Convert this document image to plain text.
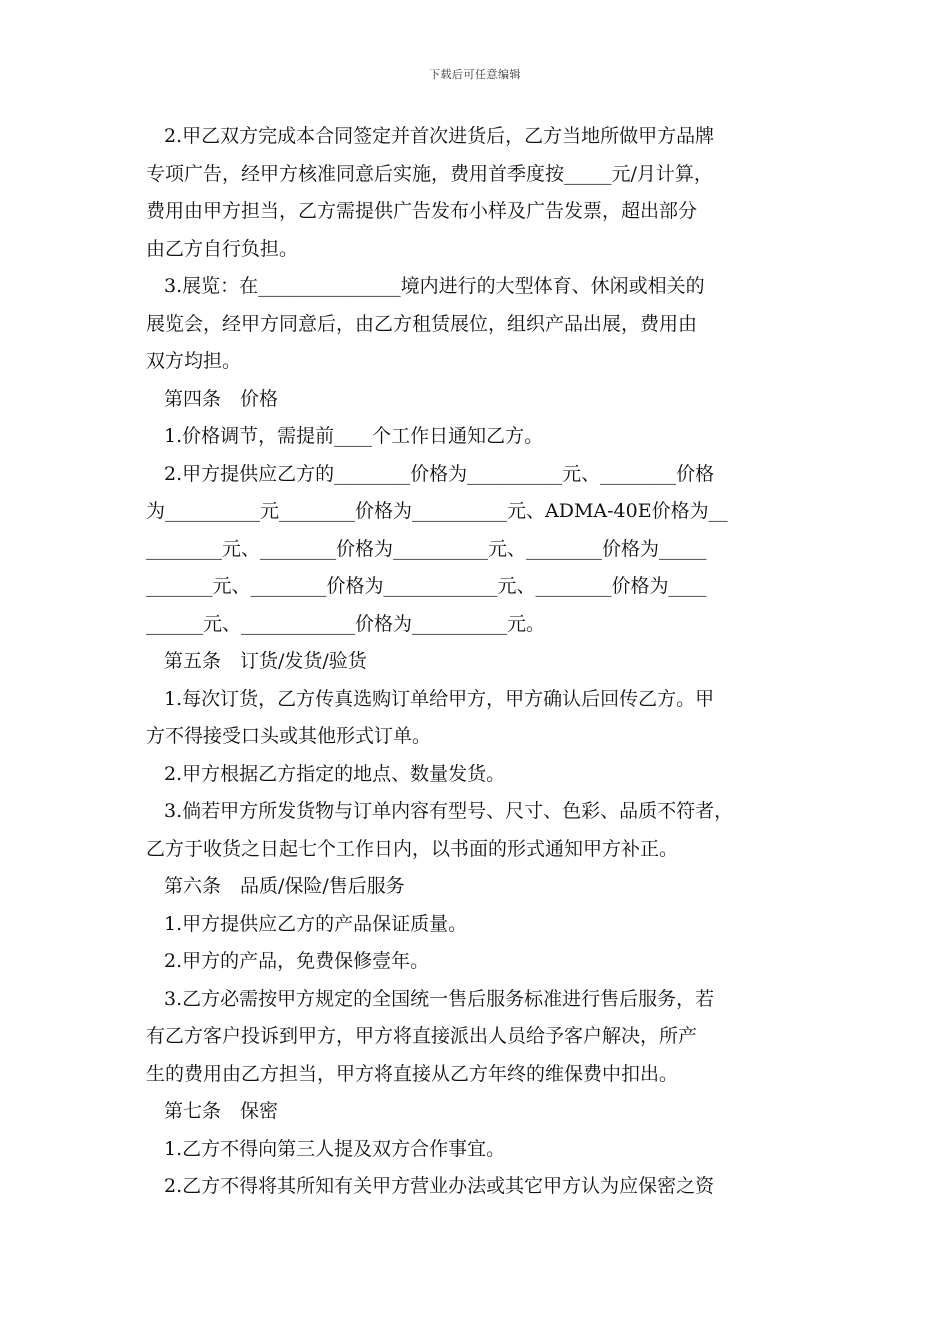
下载后可任意编辑
2.甲乙双方完成本合同签定并首次进货后，乙方当地所做甲方品牌
专项广告，经甲方核准同意后实施，费用首季度按_____元/月计算，
费用由甲方担当，乙方需提供广告发布小样及广告发票，超出部分
由乙方自行负担。
3.展览：在_______________境内进行的大型体育、休闲或相关的
展览会，经甲方同意后，由乙方租赁展位，组织产品出展，费用由
双方均担。
第四条　价格
1.价格调节，需提前____个工作日通知乙方。
2.甲方提供应乙方的________价格为__________元、________价格
为__________元________价格为__________元、ADMA-40E价格为__
________元、________价格为__________元、________价格为_____
_______元、________价格为____________元、________价格为____
______元、____________价格为__________元。
第五条　订货/发货/验货
1.每次订货，乙方传真选购订单给甲方，甲方确认后回传乙方。甲
方不得接受口头或其他形式订单。
2.甲方根据乙方指定的地点、数量发货。
3.倘若甲方所发货物与订单内容有型号、尺寸、色彩、品质不符者，
乙方于收货之日起七个工作日内，以书面的形式通知甲方补正。
第六条　品质/保险/售后服务
1.甲方提供应乙方的产品保证质量。
2.甲方的产品，免费保修壹年。
3.乙方必需按甲方规定的全国统一售后服务标准进行售后服务，若
有乙方客户投诉到甲方，甲方将直接派出人员给予客户解决，所产
生的费用由乙方担当，甲方将直接从乙方年终的维保费中扣出。
第七条　保密
1.乙方不得向第三人提及双方合作事宜。
2.乙方不得将其所知有关甲方营业办法或其它甲方认为应保密之资
